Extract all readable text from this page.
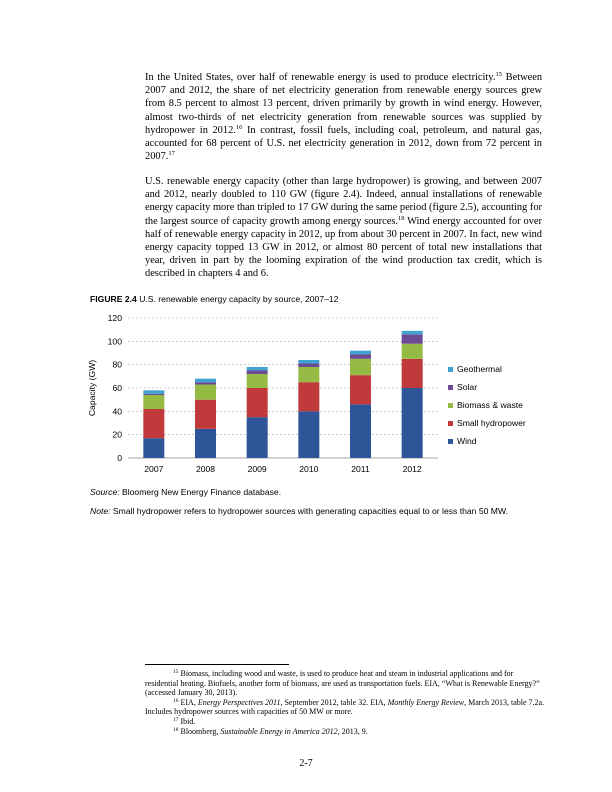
In the United States, over half of renewable energy is used to produce electricity.$^{15}$ Between 2007 and 2012, the share of net electricity generation from renewable energy sources grew from 8.5 percent to almost 13 percent, driven primarily by growth in wind energy. However, almost two-thirds of net electricity generation from renewable sources was supplied by hydropower in 2012.16 In contrast, fossil fuels, including coal, petroleum, and natural gas, accounted for 68 percent of U.S. net electricity generation in 2012, down from 72 percent in 2007.17

U.S. renewable energy capacity (other than large hydropower) is growing, and between 2007 and 2012, nearly doubled to 110 GW (figure 2.4). Indeed, annual installations of renewable energy capacity more than tripled to 17 GW during the same period (figure 2.5), accounting for the largest source of capacity growth among energy sources.$^{18}$ Wind energy accounted for over half of renewable energy capacity in 2012, up from about 30 percent in 2007. In fact, new wind energy capacity topped 13 GW in 2012, or almost 80 percent of total new installations that year, driven in part by the looming expiration of the wind production tax credit, which is described in chapters 4 and 6.

FIGURE 2.4 U.S. renewable energy capacity by source, 2007–12
0
20
40
60
80
100
120
2007	2008	2009	2010	2011	2012
Capacity (GW)	Geothermal
Solar
Biomass & waste
Small hydropower
Wind
Source: Bloomerg New Energy Finance database.
Note: Small hydropower refers to hydropower sources with generating capacities equal to or less than 50 MW.

$^{15}$ Biomass, including wood and waste, is used to produce heat and steam in industrial applications and for residential heating. Biofuels, another form of biomass, are used as transportation fuels. EIA, “What is Renewable Energy?” (accessed January 30, 2013).

$^{16}$ EIA, Energy Perspectives 2011, September 2012, table 32. EIA, Monthly Energy Review, March 2013, table 7.2a. Includes hydropower sources with capacities of 50 MW or more.

$^{17}$ Ibid.

$^{18}$ Bloomberg, Sustainable Energy in America 2012, 2013, 9.

2-7
